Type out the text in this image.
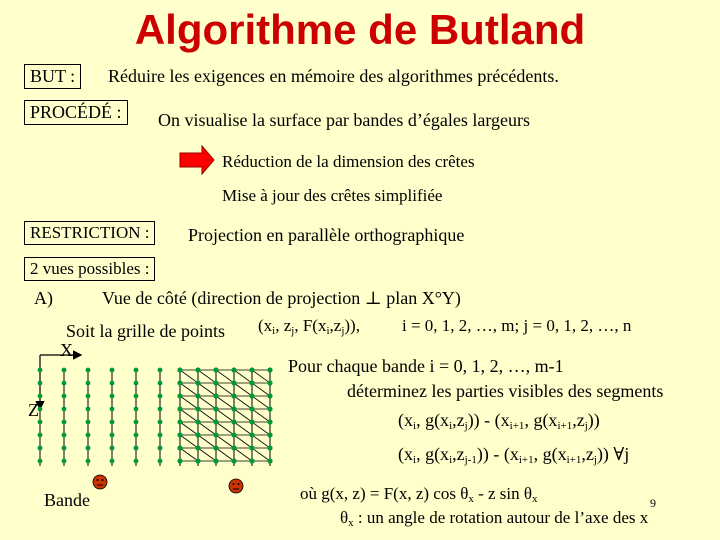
Algorithme de Butland
BUT :	Réduire les exigences en mémoire des algorithmes précédents.
PROCÉDÉ :	On visualise la surface par bandes d’égales largeurs
Réduction de la dimension des crêtes
Mise à jour des crêtes simplifiée
RESTRICTION :	Projection en parallèle orthographique
2 vues possibles :
A)	Vue de côté (direction de projection ⊥ plan X°Y)
Soit la grille de points ($x_i$, $z_j$, $F(x_i,z_j)$), i = 0, 1, 2, …, m; j = 0, 1, 2, …, n
X
Z
Bande
Pour chaque bande i = 0, 1, 2, …, m-1
déterminez les parties visibles des segments
($x_i$, $g(x_i,z_j)) - (x_{i+1}$, $g(x_{i+1},z_j)$)
($x_i$, $g(x_i,z_{j-1})) - (x_{i+1}$, $g(x_{i+1},z_j)$) ∀j
où g(x, z) = F(x, z) $\cos \theta_x$ - z $\sin \theta_x$
$\theta_x$ : un angle de rotation autour de l’axe des x
9
